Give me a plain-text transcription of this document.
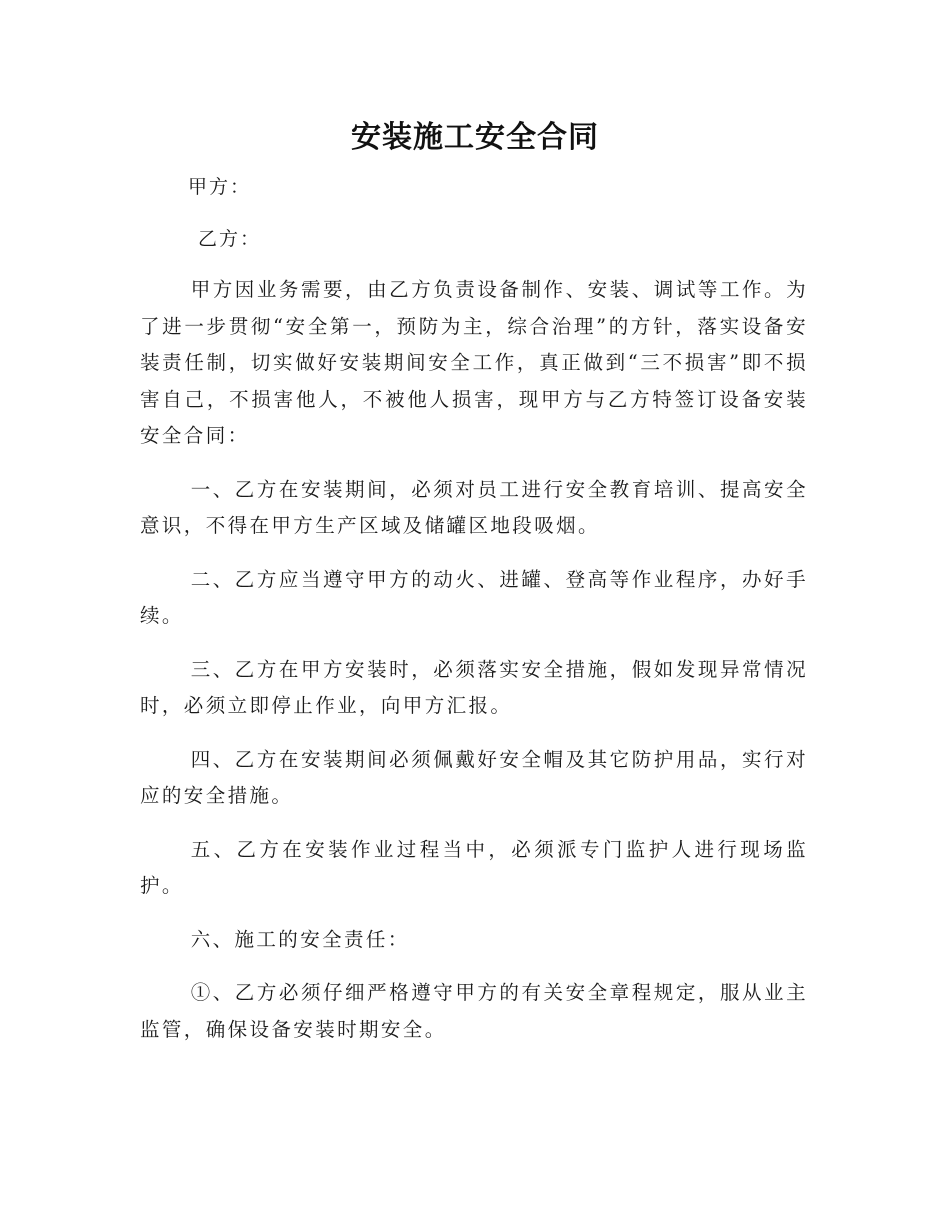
安装施工安全合同
甲方：
乙方：

甲方因业务需要，由乙方负责设备制作、安装、调试等工作。为了进一步贯彻“安全第一，预防为主，综合治理”的方针，落实设备安装责任制，切实做好安装期间安全工作，真正做到“三不损害”即不损害自己，不损害他人，不被他人损害，现甲方与乙方特签订设备安装安全合同：

一、乙方在安装期间，必须对员工进行安全教育培训、提高安全意识，不得在甲方生产区域及储罐区地段吸烟。

二、乙方应当遵守甲方的动火、进罐、登高等作业程序，办好手续。

三、乙方在甲方安装时，必须落实安全措施，假如发现异常情况时，必须立即停止作业，向甲方汇报。

四、乙方在安装期间必须佩戴好安全帽及其它防护用品，实行对应的安全措施。

五、乙方在安装作业过程当中，必须派专门监护人进行现场监护。

六、施工的安全责任：

①、乙方必须仔细严格遵守甲方的有关安全章程规定，服从业主监管，确保设备安装时期安全。
